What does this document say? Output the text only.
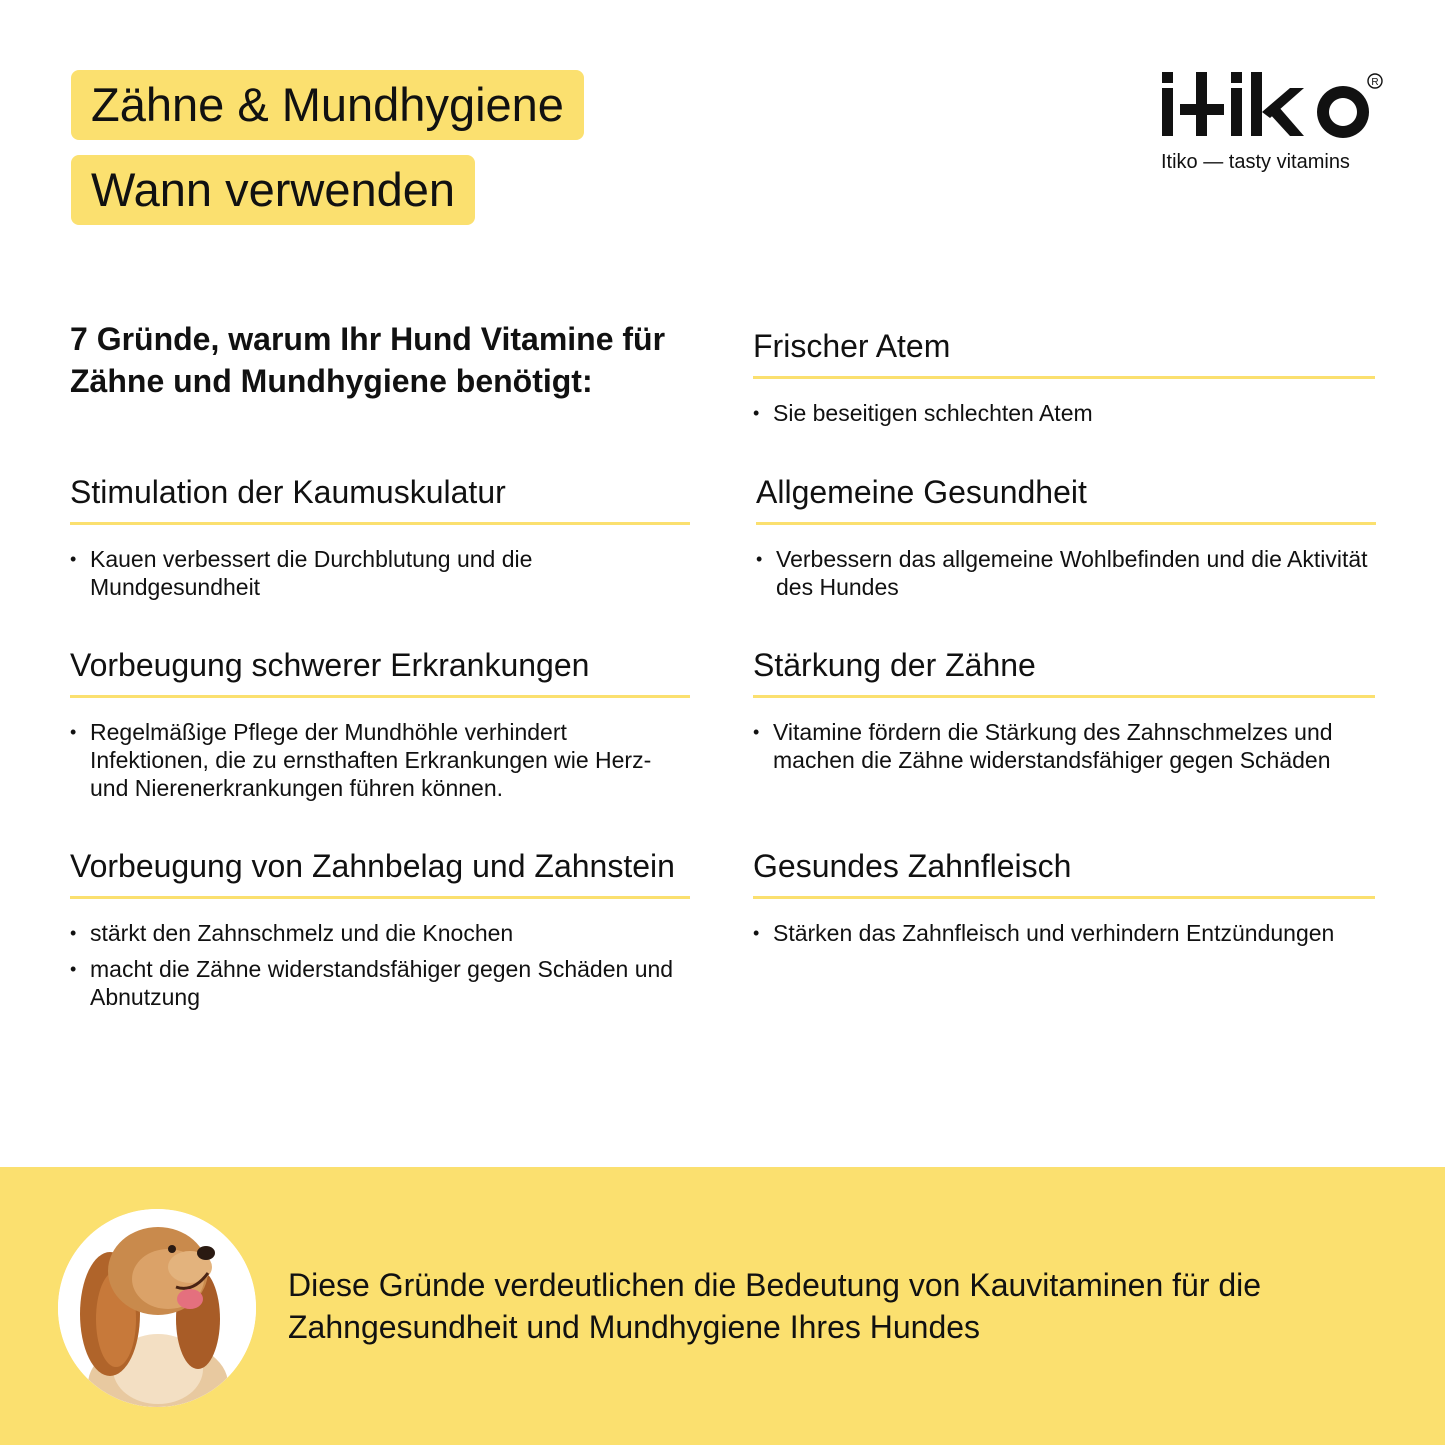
Zähne & Mundhygiene
Wann verwenden
R
Itiko — tasty vitamins
7 Gründe, warum Ihr Hund Vitamine für Zähne und Mundhygiene benötigt:
Stimulation der Kaumuskulatur
• Kauen verbessert die Durchblutung und die Mundgesundheit
Vorbeugung schwerer Erkrankungen
• Regelmäßige Pflege der Mundhöhle verhindert Infektionen, die zu ernsthaften Erkrankungen wie Herz- und Nierenerkrankungen führen können.
Vorbeugung von Zahnbelag und Zahnstein
• stärkt den Zahnschmelz und die Knochen
• macht die Zähne widerstandsfähiger gegen Schäden und Abnutzung
Frischer Atem
• Sie beseitigen schlechten Atem
Allgemeine Gesundheit
• Verbessern das allgemeine Wohlbefinden und die Aktivität des Hundes
Stärkung der Zähne
• Vitamine fördern die Stärkung des Zahnschmelzes und machen die Zähne widerstandsfähiger gegen Schäden
Gesundes Zahnfleisch
• Stärken das Zahnfleisch und verhindern Entzündungen
Diese Gründe verdeutlichen die Bedeutung von Kauvitaminen für die Zahngesundheit und Mundhygiene Ihres Hundes
